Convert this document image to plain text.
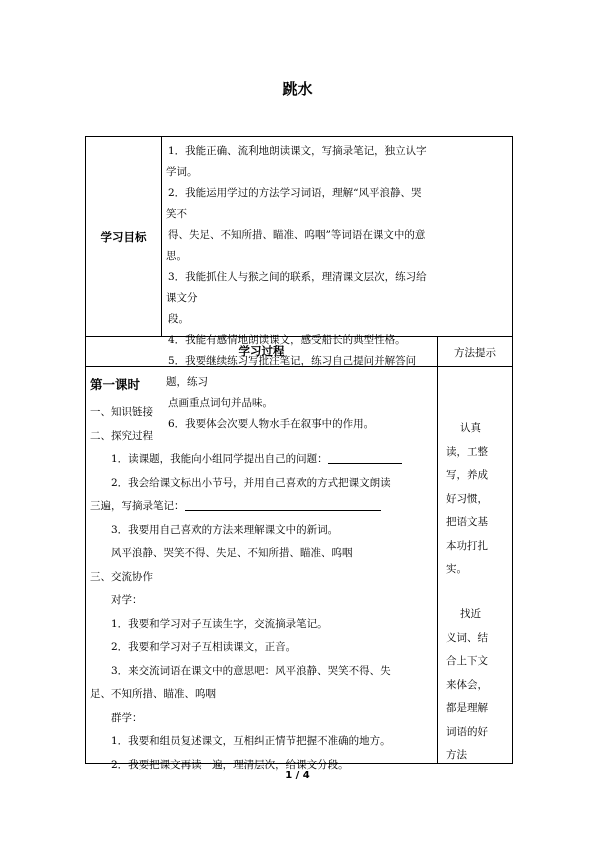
跳水
学习目标

1．我能正确、流利地朗读课文，写摘录笔记，独立认字学词。

2．我能运用学过的方法学习词语，理解“风平浪静、哭笑不

得、失足、不知所措、瞄准、呜咽”等词语在课文中的意思。

3．我能抓住人与猴之间的联系，理清课文层次，练习给课文分

段。

4．我能有感情地朗读课文，感受船长的典型性格。

5．我要继续练习写批注笔记，练习自己提问并解答问题，练习

点画重点词句并品味。

6．我要体会次要人物水手在叙事中的作用。

学习过程	方法提示
第一课时
一、知识链接
二、探究过程
1．读课题，我能向小组同学提出自己的问题：
2．我会给课文标出小节号，并用自己喜欢的方式把课文朗读
三遍，写摘录笔记：
3．我要用自己喜欢的方法来理解课文中的新词。
风平浪静、哭笑不得、失足、不知所措、瞄准、呜咽
三、交流协作
对学：
1．我要和学习对子互读生字，交流摘录笔记。
2．我要和学习对子互相读课文，正音。
3．来交流词语在课文中的意思吧：风平浪静、哭笑不得、失
足、不知所措、瞄准、呜咽
群学：
1．我要和组员复述课文，互相纠正情节把握不准确的地方。
2．我要把课文再读一遍，理清层次，给课文分段。
认真
读，工整
写，养成
好习惯，
把语文基
本功打扎
实。
找近
义词、结
合上下文
来体会，
都是理解
词语的好
方法
1 / 4
